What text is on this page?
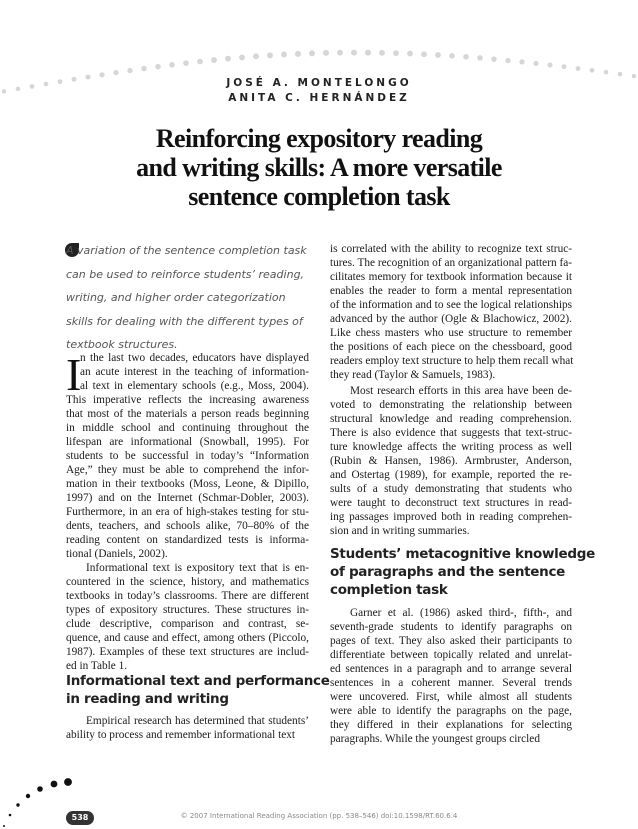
JOSÉ A. MONTELONGO
ANITA C. HERNÁNDEZ
Reinforcing expository reading
and writing skills: A more versatile
sentence completion task
A variation of the sentence completion task
can be used to reinforce students’ reading,
writing, and higher order categorization
skills for dealing with the different types of
textbook structures.
I
n the last two decades, educators have displayed
an acute interest in the teaching of information-
al text in elementary schools (e.g., Moss, 2004).
This imperative reflects the increasing awareness
that most of the materials a person reads beginning
in middle school and continuing throughout the
lifespan are informational (Snowball, 1995). For
students to be successful in today’s “Information
Age,” they must be able to comprehend the infor-
mation in their textbooks (Moss, Leone, & Dipillo,
1997) and on the Internet (Schmar-Dobler, 2003).
Furthermore, in an era of high-stakes testing for stu-
dents, teachers, and schools alike, 70–80% of the
reading content on standardized tests is informa-
tional (Daniels, 2002).
Informational text is expository text that is en-
countered in the science, history, and mathematics
textbooks in today’s classrooms. There are different
types of expository structures. These structures in-
clude descriptive, comparison and contrast, se-
quence, and cause and effect, among others (Piccolo,
1987). Examples of these text structures are includ-
ed in Table 1.
Informational text and performance
in reading and writing
Empirical research has determined that students’
ability to process and remember informational text
is correlated with the ability to recognize text struc-
tures. The recognition of an organizational pattern fa-
cilitates memory for textbook information because it
enables the reader to form a mental representation
of the information and to see the logical relationships
advanced by the author (Ogle & Blachowicz, 2002).
Like chess masters who use structure to remember
the positions of each piece on the chessboard, good
readers employ text structure to help them recall what
they read (Taylor & Samuels, 1983).
Most research efforts in this area have been de-
voted to demonstrating the relationship between
structural knowledge and reading comprehension.
There is also evidence that suggests that text-struc-
ture knowledge affects the writing process as well
(Rubin & Hansen, 1986). Armbruster, Anderson,
and Ostertag (1989), for example, reported the re-
sults of a study demonstrating that students who
were taught to deconstruct text structures in read-
ing passages improved both in reading comprehen-
sion and in writing summaries.
Students’ metacognitive knowledge
of paragraphs and the sentence
completion task
Garner et al. (1986) asked third-, fifth-, and
seventh-grade students to identify paragraphs on
pages of text. They also asked their participants to
differentiate between topically related and unrelat-
ed sentences in a paragraph and to arrange several
sentences in a coherent manner. Several trends
were uncovered. First, while almost all students
were able to identify the paragraphs on the page,
they differed in their explanations for selecting
paragraphs. While the youngest groups circled
538	© 2007 International Reading Association (pp. 538–546) doi:10.1598/RT.60.6.4
